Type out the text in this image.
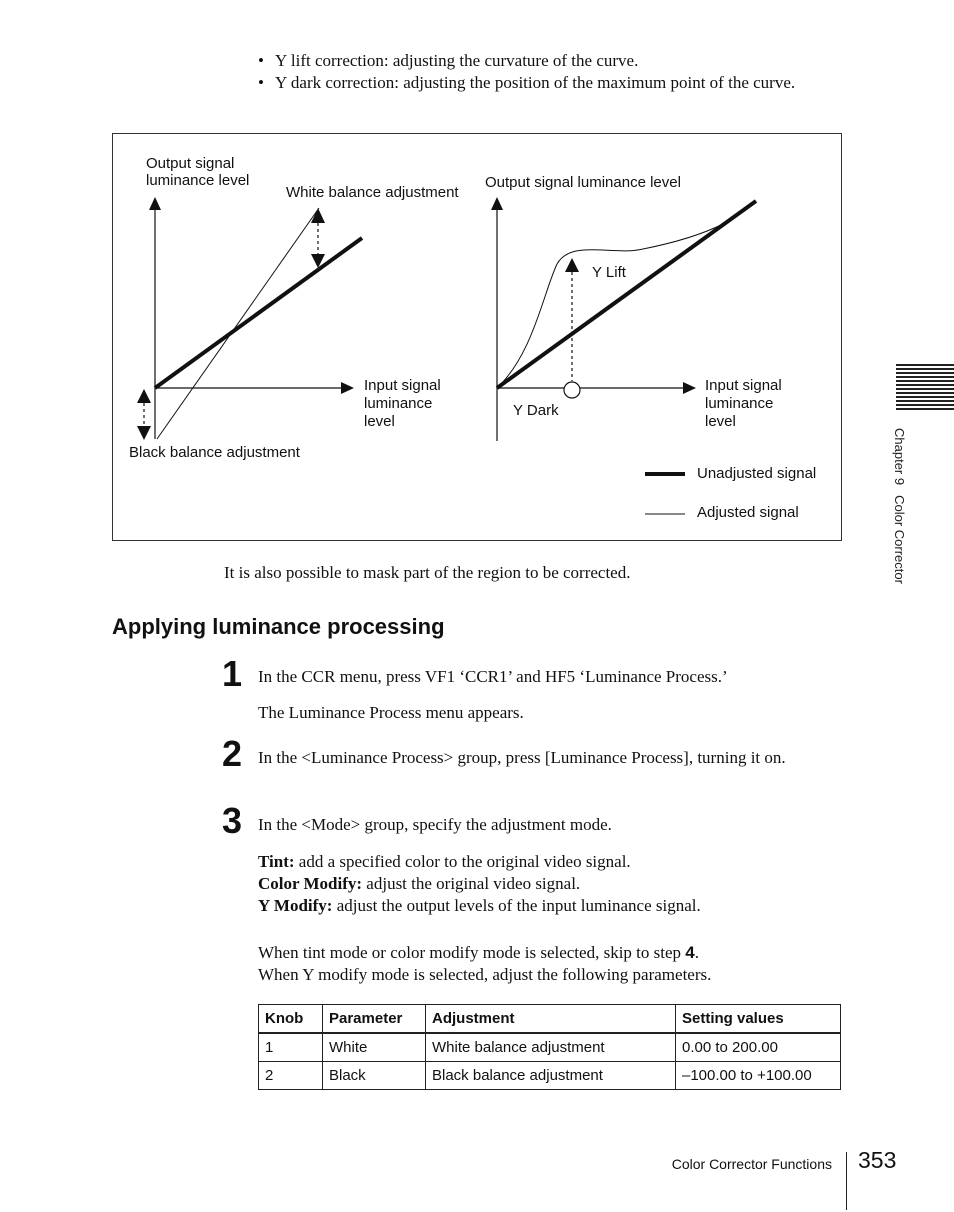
• Y lift correction: adjusting the curvature of the curve.
• Y dark correction: adjusting the position of the maximum point of the curve.

Output signal

luminance level

White balance adjustment

Input signal

luminance

level

Black balance adjustment

Output signal luminance level

Y Lift

Y Dark

Input signal

luminance

level

Unadjusted signal

Adjusted signal

It is also possible to mask part of the region to be corrected.

Applying luminance processing
1 In the CCR menu, press VF1 ‘CCR1’ and HF5 ‘Luminance Process.’

The Luminance Process menu appears.

2 In the <Luminance Process> group, press [Luminance Process], turning it on.

3 In the <Mode> group, specify the adjustment mode.

Tint: add a specified color to the original video signal.
Color Modify: adjust the original video signal.
Y Modify: adjust the output levels of the input luminance signal.
When tint mode or color modify mode is selected, skip to step 4.
When Y modify mode is selected, adjust the following parameters.
Knob	Parameter	Adjustment	Setting values
1	White	White balance adjustment	0.00 to 200.00
2	Black	Black balance adjustment	–100.00 to +100.00
Chapter 9Color Corrector
Color Corrector Functions 353
